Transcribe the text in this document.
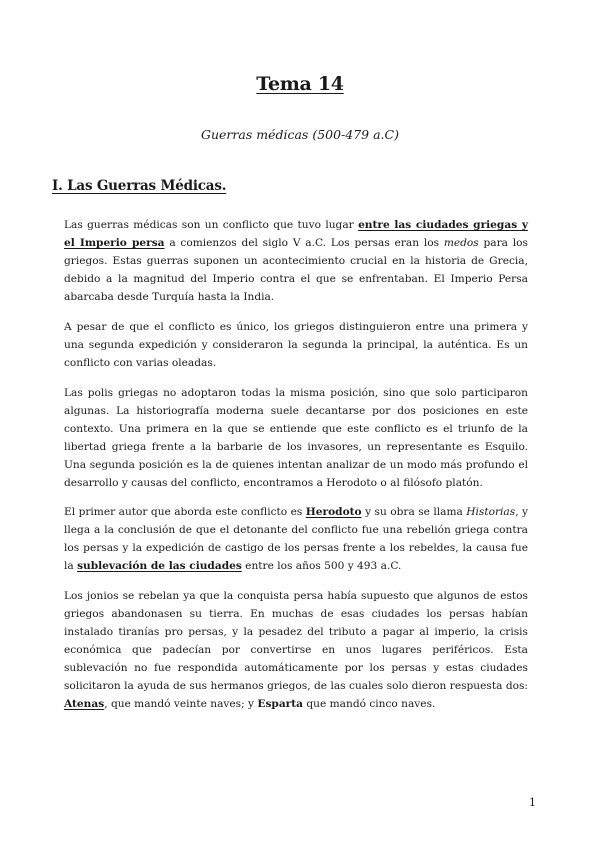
Tema 14

Guerras médicas (500-479 a.C)

I. Las Guerras Médicas.

Las guerras médicas son un conflicto que tuvo lugar entre las ciudades griegas y el Imperio persa a comienzos del siglo V a.C. Los persas eran los medos para los griegos. Estas guerras suponen un acontecimiento crucial en la historia de Grecia, debido a la magnitud del Imperio contra el que se enfrentaban. El Imperio Persa abarcaba desde Turquía hasta la India.

A pesar de que el conflicto es único, los griegos distinguieron entre una primera y una segunda expedición y consideraron la segunda la principal, la auténtica. Es un conflicto con varias oleadas.

Las polis griegas no adoptaron todas la misma posición, sino que solo participaron algunas. La historiografía moderna suele decantarse por dos posiciones en este contexto. Una primera en la que se entiende que este conflicto es el triunfo de la libertad griega frente a la barbarie de los invasores, un representante es Esquilo. Una segunda posición es la de quienes intentan analizar de un modo más profundo el desarrollo y causas del conflicto, encontramos a Herodoto o al filósofo platón.

El primer autor que aborda este conflicto es Herodoto y su obra se llama Historias, y llega a la conclusión de que el detonante del conflicto fue una rebelión griega contra los persas y la expedición de castigo de los persas frente a los rebeldes, la causa fue la sublevación de las ciudades entre los años 500 y 493 a.C.

Los jonios se rebelan ya que la conquista persa había supuesto que algunos de estos griegos abandonasen su tierra. En muchas de esas ciudades los persas habían instalado tiranías pro persas, y la pesadez del tributo a pagar al imperio, la crisis económica que padecían por convertirse en unos lugares periféricos. Esta sublevación no fue respondida automáticamente por los persas y estas ciudades solicitaron la ayuda de sus hermanos griegos, de las cuales solo dieron respuesta dos: Atenas, que mandó veinte naves; y Esparta que mandó cinco naves.

1
